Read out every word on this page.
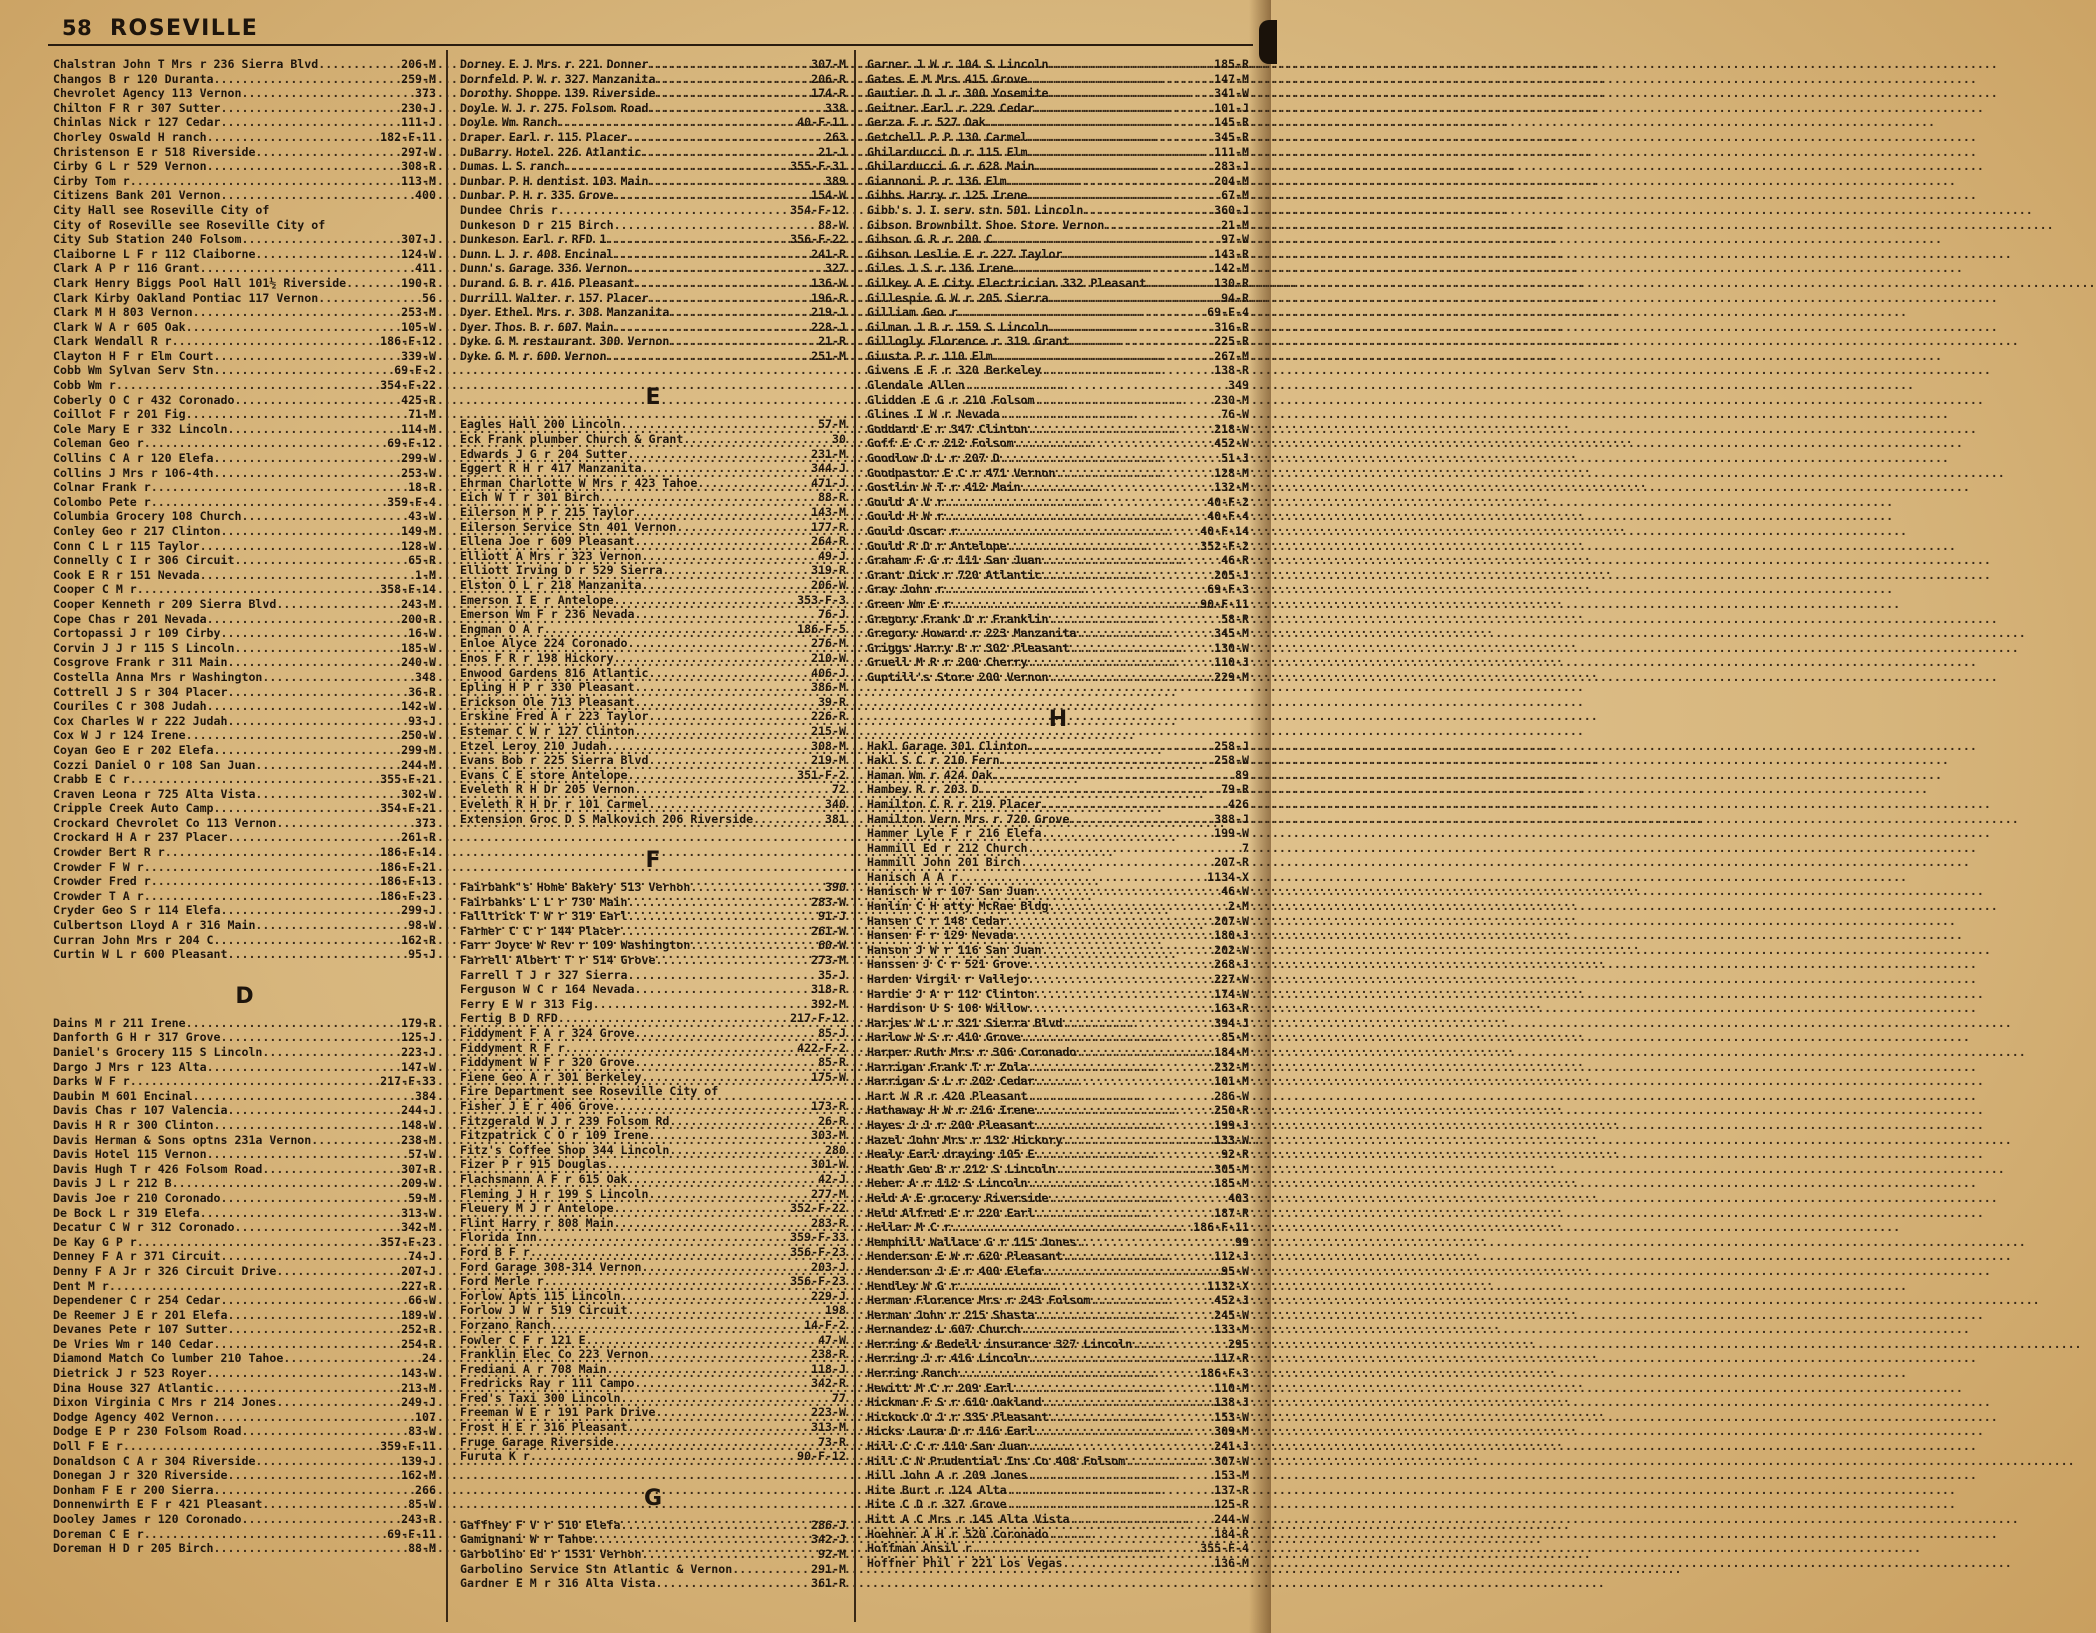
58 ROSEVILLE
Chalstran John T Mrs r 236 Sierra Blvd .....	206-M
Changos B r 120 Duranta .....	259-M
Chevrolet Agency 113 Vernon .....	373
Chilton F R r 307 Sutter .....	230-J
Chinlas Nick r 127 Cedar .....	111-J
Chorley Oswald H ranch .....	182-F-11
Christenson E r 518 Riverside .....	297-W
Cirby G L r 529 Vernon .....	308-R
Cirby Tom r .....	113-M
Citizens Bank 201 Vernon .....	400
City Hall see Roseville City of
City of Roseville see Roseville City of
City Sub Station 240 Folsom .....	307-J
Claiborne L F r 112 Claiborne .....	124-W
Clark A P r 116 Grant .....	411
Clark Henry Biggs Pool Hall 101½ Riverside .....	190-R
Clark Kirby Oakland Pontiac 117 Vernon .....	56
Clark M H 803 Vernon .....	253-M
Clark W A r 605 Oak .....	105-W
Clark Wendall R r .....	186-F-12
Clayton H F r Elm Court .....	339-W
Cobb Wm Sylvan Serv Stn .....	69-F-2
Cobb Wm r .....	354-F-22
Coberly O C r 432 Coronado .....	425-R
Coillot F r 201 Fig .....	71-M
Cole Mary E r 332 Lincoln .....	114-M
Coleman Geo r .....	69-F-12
Collins C A r 120 Elefa .....	299-W
Collins J Mrs r 106-4th .....	253-W
Colnar Frank r .....	18-R
Colombo Pete r .....	359-F-4
Columbia Grocery 108 Church .....	43-W
Conley Geo r 217 Clinton .....	149-M
Conn C L r 115 Taylor .....	128-W
Connelly C I r 306 Circuit .....	65-R
Cook E R r 151 Nevada .....	1-M
Cooper C M r .....	358-F-14
Cooper Kenneth r 209 Sierra Blvd .....	243-M
Cope Chas r 201 Nevada .....	200-R
Cortopassi J r 109 Cirby .....	16-W
Corvin J J r 115 S Lincoln .....	185-W
Cosgrove Frank r 311 Main .....	240-W
Costella Anna Mrs r Washington .....	348
Cottrell J S r 304 Placer .....	36-R
Couriles C r 308 Judah .....	142-W
Cox Charles W r 222 Judah .....	93-J
Cox W J r 124 Irene .....	250-W
Coyan Geo E r 202 Elefa .....	299-M
Cozzi Daniel O r 108 San Juan .....	244-M
Crabb E C r .....	355-F-21
Craven Leona r 725 Alta Vista .....	302-W
Cripple Creek Auto Camp .....	354-F-21
Crockard Chevrolet Co 113 Vernon .....	373
Crockard H A r 237 Placer .....	261-R
Crowder Bert R r .....	186-F-14
Crowder F W r .....	186-F-21
Crowder Fred r .....	186-F-13
Crowder T A r .....	186-F-23
Cryder Geo S r 114 Elefa .....	299-J
Culbertson Lloyd A r 316 Main .....	98-W
Curran John Mrs r 204 C .....	162-R
Curtin W L r 600 Pleasant .....	95-J
D
Dains M r 211 Irene .....	179-R
Danforth G H r 317 Grove .....	125-J
Daniel's Grocery 115 S Lincoln .....	223-J
Dargo J Mrs r 123 Alta .....	147-W
Darks W F r .....	217-F-33
Daubin M 601 Encinal .....	384
Davis Chas r 107 Valencia .....	244-J
Davis H R r 300 Clinton .....	148-W
Davis Herman & Sons optns 231a Vernon .....	238-M
Davis Hotel 115 Vernon .....	57-W
Davis Hugh T r 426 Folsom Road .....	307-R
Davis J L r 212 B .....	209-W
Davis Joe r 210 Coronado .....	59-M
De Bock L r 319 Elefa .....	313-W
Decatur C W r 312 Coronado .....	342-M
De Kay G P r .....	357-F-23
Denney F A r 371 Circuit .....	74-J
Denny F A Jr r 326 Circuit Drive .....	207-J
Dent M r .....	227-R
Dependener C r 254 Cedar .....	66-W
De Reemer J E r 201 Elefa .....	189-W
Devanes Pete r 107 Sutter .....	252-R
De Vries Wm r 140 Cedar .....	254-R
Diamond Match Co lumber 210 Tahoe .....	24
Dietrick J r 523 Royer .....	143-W
Dina House 327 Atlantic .....	213-M
Dixon Virginia C Mrs r 214 Jones .....	249-J
Dodge Agency 402 Vernon .....	107
Dodge E P r 230 Folsom Road .....	83-W
Doll F E r .....	359-F-11
Donaldson C A r 304 Riverside .....	139-J
Donegan J r 320 Riverside .....	162-M
Donham F E r 200 Sierra .....	266
Donnenwirth E F r 421 Pleasant .....	85-W
Dooley James r 120 Coronado .....	243-R
Doreman C E r .....	69-F-11
Doreman H D r 205 Birch .....	88-M
Dorney E J Mrs r 221 Donner .....	307-M
Dornfeld P W r 327 Manzanita .....	206-R
Dorothy Shoppe 139 Riverside .....	174-R
Doyle W J r 275 Folsom Road .....	338
Doyle Wm Ranch .....	40-F-11
Draper Earl r 115 Placer .....	263
DuBarry Hotel 226 Atlantic .....	21-J
Dumas L S ranch .....	355-F-31
Dunbar P H dentist 103 Main .....	389
Dunbar P H r 335 Grove .....	154-W
Dundee Chris r .....	354-F-12
Dunkeson D r 215 Birch .....	88-W
Dunkeson Earl r RFD 1 .....	356-F-22
Dunn L J r 408 Encinal .....	241-R
Dunn's Garage 336 Vernon .....	327
Durand G B r 416 Pleasant .....	136-W
Durrill Walter r 157 Placer .....	196-R
Dyer Ethel Mrs r 308 Manzanita .....	219-J
Dyer Thos B r 607 Main .....	228-J
Dyke G M restaurant 300 Vernon .....	21-R
Dyke G M r 600 Vernon .....	251-M
E
Eagles Hall 200 Lincoln .....	57-M
Eck Frank plumber Church & Grant .....	30
Edwards J G r 204 Sutter .....	231-M
Eggert R H r 417 Manzanita .....	344-J
Ehrman Charlotte W Mrs r 423 Tahoe .....	471-J
Eich W T r 301 Birch .....	88-R
Eilerson M P r 215 Taylor .....	143-M
Eilerson Service Stn 401 Vernon .....	177-R
Ellena Joe r 609 Pleasant .....	264-R
Elliott A Mrs r 323 Vernon .....	49-J
Elliott Irving D r 529 Sierra .....	319-R
Elston O L r 218 Manzanita .....	206-W
Emerson I E r Antelope .....	353-F-3
Emerson Wm F r 236 Nevada .....	76-J
Engman O A r .....	186-F-5
Enloe Alyce 224 Coronado .....	276-M
Enos F R r 198 Hickory .....	210-W
Enwood Gardens 816 Atlantic .....	406-J
Epling H P r 330 Pleasant .....	386-M
Erickson Ole 713 Pleasant .....	39-R
Erskine Fred A r 223 Taylor .....	226-R
Estemar C W r 127 Clinton .....	215-W
Etzel Leroy 210 Judah .....	308-M
Evans Bob r 225 Sierra Blvd .....	219-M
Evans C E store Antelope .....	351-F-2
Eveleth R H Dr 205 Vernon .....	72
Eveleth R H Dr r 101 Carmel .....	340
Extension Groc D S Malkovich 206 Riverside .....	381
F
Fairbank's Home Bakery 513 Vernon .....	390
Fairbanks L L r 730 Main .....	283-W
Falltrick T W r 319 Earl .....	91-J
Farmer C C r 144 Placer .....	261-W
Farr Joyce W Rev r 109 Washington .....	60-W
Farrell Albert T r 514 Grove .....	273-M
Farrell T J r 327 Sierra .....	35-J
Ferguson W C r 164 Nevada .....	318-R
Ferry E W r 313 Fig .....	392-M
Fertig B D RFD .....	217-F-12
Fiddyment F A r 324 Grove .....	85-J
Fiddyment R F r .....	422-F-2
Fiddyment W F r 320 Grove .....	85-R
Fiene Geo A r 301 Berkeley .....	175-W
Fire Department see Roseville City of
Fisher J E r 406 Grove .....	173-R
Fitzgerald W J r 239 Folsom Rd .....	26-R
Fitzpatrick C O r 109 Irene .....	303-M
Fitz's Coffee Shop 344 Lincoln .....	280
Fizer P r 915 Douglas .....	301-W
Flachsmann A F r 615 Oak .....	42-J
Fleming J H r 199 S Lincoln .....	277-M
Fleuery M J r Antelope .....	352-F-22
Flint Harry r 808 Main .....	283-R
Florida Inn .....	359-F-33
Ford B F r .....	356-F-23
Ford Garage 308-314 Vernon .....	203-J
Ford Merle r .....	356-F-23
Forlow Apts 115 Lincoln .....	229-J
Forlow J W r 519 Circuit .....	198
Forzano Ranch .....	14-F-2
Fowler C F r 121 E .....	47-W
Franklin Elec Co 223 Vernon .....	238-R
Frediani A r 708 Main .....	118-J
Fredricks Ray r 111 Campo .....	342-R
Fred's Taxi 300 Lincoln .....	77
Freeman W E r 191 Park Drive .....	223-W
Frost H E r 316 Pleasant .....	313-M
Fruge Garage Riverside .....	73-R
Furuta K r .....	90-F-12
G
Gaffney F V r 510 Elefa .....	286-J
Gamignani W r Tahoe .....	342-J
Garbolino Ed r 1531 Vernon .....	92-M
Garbolino Service Stn Atlantic & Vernon .....	291-M
Gardner E M r 316 Alta Vista .....	361-R
Garner J W r 104 S Lincoln .....	185-R
Gates E M Mrs 415 Grove .....	147-M
Gautier D J r 300 Yosemite .....	341-W
Geitner Earl r 229 Cedar .....	101-J
Gerza F r 527 Oak .....	145-R
Getchell P P 130 Carmel .....	345-R
Ghilarducci D r 115 Elm .....	111-M
Ghilarducci G r 628 Main .....	283-J
Giannoni P r 136 Elm .....	204-M
Gibbs Harry r 125 Irene .....	67-M
Gibb's J I serv stn 501 Lincoln .....	360-J
Gibson Brownbilt Shoe Store Vernon .....	21-M
Gibson G R r 200 C .....	97-W
Gibson Leslie E r 227 Taylor .....	143-R
Giles J S r 136 Irene .....	142-M
Gilkey A E City Electrician 332 Pleasant .....	130-R
Gillespie G W r 205 Sierra .....	94-R
Gilliam Geo r .....	69-F-4
Gilman J B r 159 S Lincoln .....	316-R
Gillogly Florence r 319 Grant .....	225-R
Giusta P r 110 Elm .....	267-M
Givens E F r 320 Berkeley .....	138-R
Glendale Allen .....	349
Glidden E G r 210 Folsom .....	230-M
Glines I W r Nevada .....	76-W
Goddard E r 347 Clinton .....	218-W
Goff E C r 212 Folsom .....	452-W
Goodlow D L r 207 D .....	51-J
Goodpastor E C r 471 Vernon .....	128-M
Gostlin W T r 412 Main .....	132-M
Gould A V r .....	40-F-2
Gould H W r .....	40-F-4
Gould Oscar r .....	40-F-14
Gould R D r Antelope .....	352-F-2
Graham F G r 111 San Juan .....	46-R
Grant Dick r 720 Atlantic .....	205-J
Gray John r .....	69-F-3
Green Wm E r .....	90-F-11
Gregory Frank D r Franklin .....	58-R
Gregory Howard r 223 Manzanita .....	345-M
Griggs Harry B r 302 Pleasant .....	130-W
Gruell M R r 200 Cherry .....	110-J
Guptill's Store 200 Vernon .....	229-M
H
Hakl Garage 301 Clinton .....	258-J
Hakl S C r 210 Fern .....	258-W
Haman Wm r 424 Oak .....	89
Hambey R r 203 D .....	79-R
Hamilton C R r 219 Placer .....	426
Hamilton Vern Mrs r 720 Grove .....	388-J
Hammer Lyle F r 216 Elefa .....	199-W
Hammill Ed r 212 Church .....	7
Hammill John 201 Birch .....	207-R
Hanisch A A r .....	1134-X
Hanisch W r 107 San Juan .....	46-W
Hanlin C H atty McRae Bldg .....	2-M
Hansen C r 148 Cedar .....	207-W
Hansen F r 129 Nevada .....	180-J
Hanson J W r 116 San Juan .....	202-W
Hanssen J C r 521 Grove .....	268-J
Harden Virgil r Vallejo .....	227-W
Hardie J A r 112 Clinton .....	174-W
Hardison U S 108 Willow .....	163-R
Harjes W L r 321 Sierra Blvd .....	394-J
Harlow W S r 410 Grove .....	85-M
Harper Ruth Mrs r 306 Coronado .....	184-M
Harrigan Frank T r Zola .....	232-M
Harrigan S L r 202 Cedar .....	101-M
Hart W R r 420 Pleasant .....	286-W
Hathaway H W r 216 Irene .....	250-R
Hayes J J r 200 Pleasant .....	199-J
Hazel John Mrs r 132 Hickory .....	133-W
Healy Earl draying 105 E .....	92-R
Heath Geo B r 212 S Lincoln .....	305-M
Heber A r 112 S Lincoln .....	185-M
Held A E grocery Riverside .....	403
Held Alfred E r 220 Earl .....	187-R
Hellar M C r .....	186-F-11
Hemphill Wallace G r 115 Jones .....	99
Henderson E W r 620 Pleasant .....	112-J
Henderson J E r 400 Elefa .....	95-W
Hendley W G r .....	1132-X
Herman Florence Mrs r 243 Folsom .....	452-J
Herman John r 215 Shasta .....	245-W
Hernandez L 607 Church .....	133-M
Herring & Bedell insurance 327 Lincoln .....	295
Herring J r 416 Lincoln .....	117-R
Herring Ranch .....	186-F-3
Hewitt M C r 209 Earl .....	110-M
Hickman F S r 610 Oakland .....	138-J
Hickock O J r 335 Pleasant .....	153-W
Hicks Laura D r 116 Earl .....	309-M
Hill C C r 110 San Juan .....	241-J
Hill C N Prudential Ins Co 408 Folsom .....	307-W
Hill John A r 209 Jones .....	153-M
Hite Burt r 124 Alta .....	137-R
Hite C D r 327 Grove .....	125-R
Hitt A C Mrs r 145 Alta Vista .....	244-W
Hoehner A H r 520 Coronado .....	184-R
Hoffman Ansil r .....	355-F-4
Hoffner Phil r 221 Los Vegas .....	136-M
